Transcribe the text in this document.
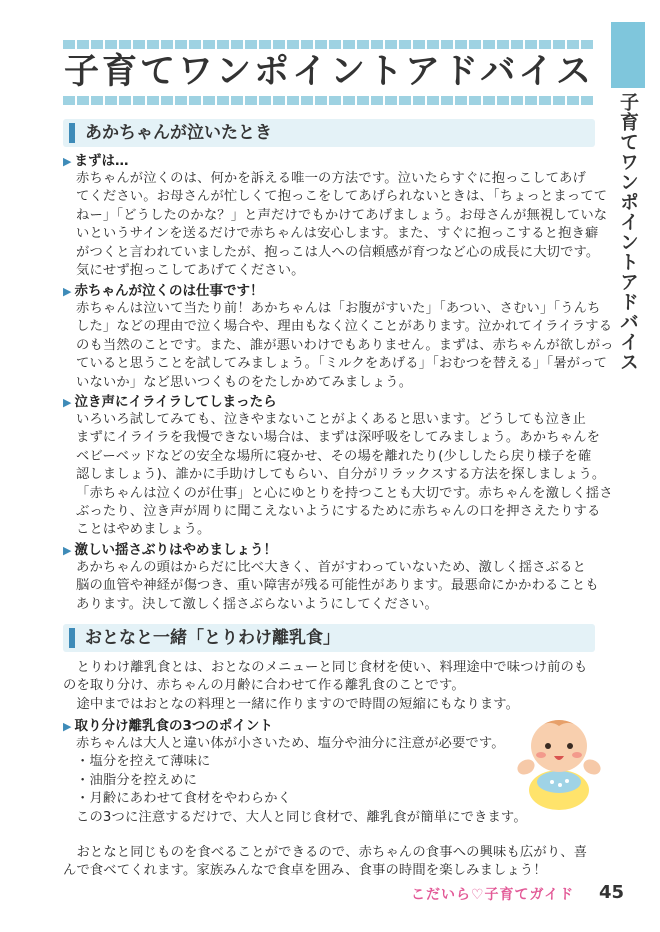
子育てワンポイントアドバイス
子育てワンポイントアドバイス
あかちゃんが泣いたとき
▶ まずは…
赤ちゃんが泣くのは、何かを訴える唯一の方法です。泣いたらすぐに抱っこしてあげ
てください。お母さんが忙しくて抱っこをしてあげられないときは、「ちょっとまってて
ねー」「どうしたのかな？」と声だけでもかけてあげましょう。お母さんが無視していな
いというサインを送るだけで赤ちゃんは安心します。また、すぐに抱っこすると抱き癖
がつくと言われていましたが、抱っこは人への信頼感が育つなど心の成長に大切です。
気にせず抱っこしてあげてください。
▶ 赤ちゃんが泣くのは仕事です！
赤ちゃんは泣いて当たり前！あかちゃんは「お腹がすいた」「あつい、さむい」「うんち
した」などの理由で泣く場合や、理由もなく泣くことがあります。泣かれてイライラする
のも当然のことです。また、誰が悪いわけでもありません。まずは、赤ちゃんが欲しがっ
ていると思うことを試してみましょう。「ミルクをあげる」「おむつを替える」「暑がって
いないか」など思いつくものをたしかめてみましょう。
▶ 泣き声にイライラしてしまったら
いろいろ試してみても、泣きやまないことがよくあると思います。どうしても泣き止
まずにイライラを我慢できない場合は、まずは深呼吸をしてみましょう。あかちゃんを
ベビーベッドなどの安全な場所に寝かせ、その場を離れたり(少ししたら戻り様子を確
認しましょう)、誰かに手助けしてもらい、自分がリラックスする方法を探しましょう。
「赤ちゃんは泣くのが仕事」と心にゆとりを持つことも大切です。赤ちゃんを激しく揺さ
ぶったり、泣き声が周りに聞こえないようにするために赤ちゃんの口を押さえたりする
ことはやめましょう。
▶ 激しい揺さぶりはやめましょう！
あかちゃんの頭はからだに比べ大きく、首がすわっていないため、激しく揺さぶると
脳の血管や神経が傷つき、重い障害が残る可能性があります。最悪命にかかわることも
あります。決して激しく揺さぶらないようにしてください。
おとなと一緒「とりわけ離乳食」
　とりわけ離乳食とは、おとなのメニューと同じ食材を使い、料理途中で味つけ前のも
のを取り分け、赤ちゃんの月齢に合わせて作る離乳食のことです。
　途中まではおとなの料理と一緒に作りますので時間の短縮にもなります。
▶ 取り分け離乳食の3つのポイント
赤ちゃんは大人と違い体が小さいため、塩分や油分に注意が必要です。
・塩分を控えて薄味に
・油脂分を控えめに
・月齢にあわせて食材をやわらかく
この3つに注意するだけで、大人と同じ食材で、離乳食が簡単にできます。
　おとなと同じものを食べることができるので、赤ちゃんの食事への興味も広がり、喜
んで食べてくれます。家族みんなで食卓を囲み、食事の時間を楽しみましょう！
こだいら♡子育てガイド 45
